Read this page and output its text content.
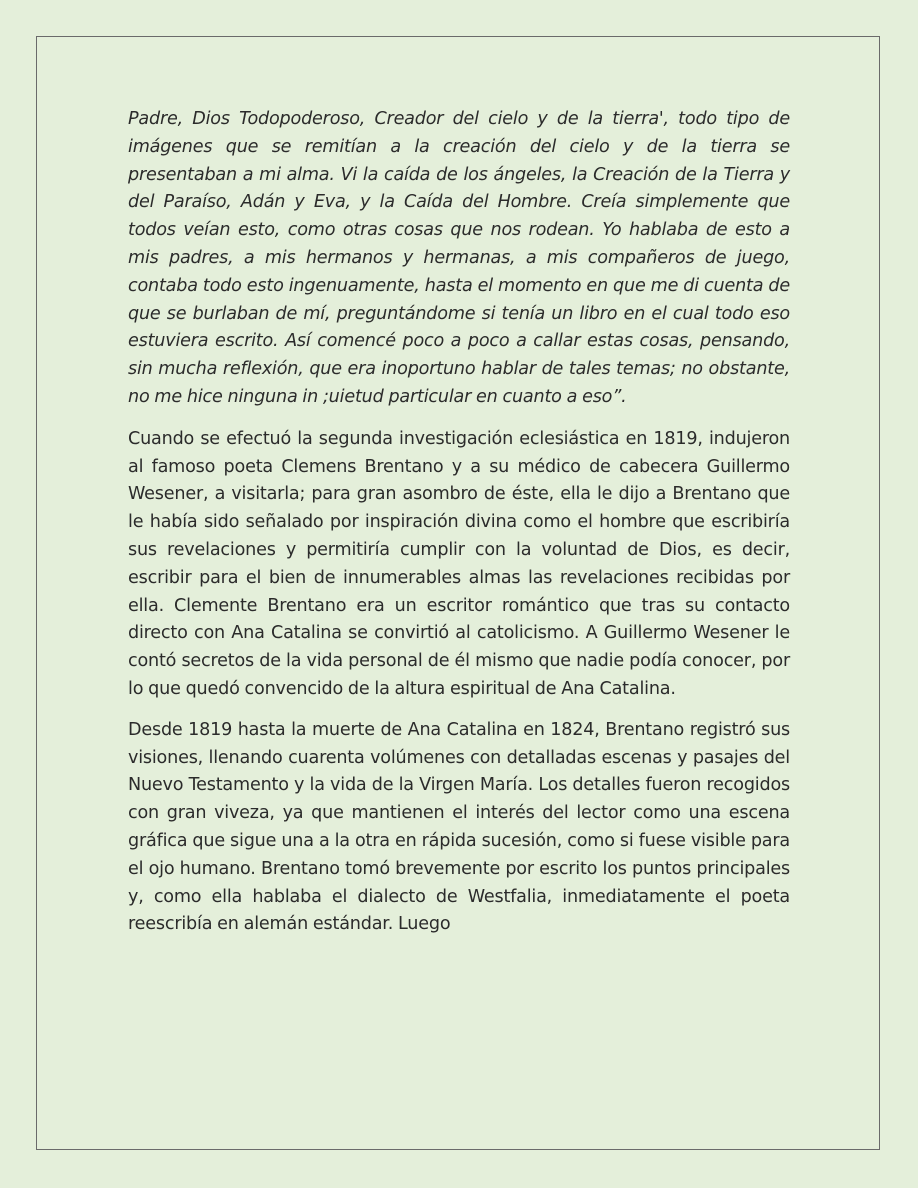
Padre, Dios Todopoderoso, Creador del cielo y de la tierra', todo tipo de imágenes que se remitían a la creación del cielo y de la tierra se presentaban a mi alma. Vi la caída de los ángeles, la Creación de la Tierra y del Paraíso, Adán y Eva, y la Caída del Hombre. Creía simplemente que todos veían esto, como otras cosas que nos rodean. Yo hablaba de esto a mis padres, a mis hermanos y hermanas, a mis compañeros de juego, contaba todo esto ingenuamente, hasta el momento en que me di cuenta de que se burlaban de mí, preguntándome si tenía un libro en el cual todo eso estuviera escrito. Así comencé poco a poco a callar estas cosas, pensando, sin mucha reflexión, que era inoportuno hablar de tales temas; no obstante, no me hice ninguna in ;uietud particular en cuanto a eso”.

Cuando se efectuó la segunda investigación eclesiástica en 1819, indujeron al famoso poeta Clemens Brentano y a su médico de cabecera Guillermo Wesener, a visitarla; para gran asombro de éste, ella le dijo a Brentano que le había sido señalado por inspiración divina como el hombre que escribiría sus revelaciones y permitiría cumplir con la voluntad de Dios, es decir, escribir para el bien de innumerables almas las revelaciones recibidas por ella. Clemente Brentano era un escritor romántico que tras su contacto directo con Ana Catalina se convirtió al catolicismo. A Guillermo Wesener le contó secretos de la vida personal de él mismo que nadie podía conocer, por lo que quedó convencido de la altura espiritual de Ana Catalina.

Desde 1819 hasta la muerte de Ana Catalina en 1824, Brentano registró sus visiones, llenando cuarenta volúmenes con detalladas escenas y pasajes del Nuevo Testamento y la vida de la Virgen María. Los detalles fueron recogidos con gran viveza, ya que mantienen el interés del lector como una escena gráfica que sigue una a la otra en rápida sucesión, como si fuese visible para el ojo humano. Brentano tomó brevemente por escrito los puntos principales y, como ella hablaba el dialecto de Westfalia, inmediatamente el poeta reescribía en alemán estándar. Luego
